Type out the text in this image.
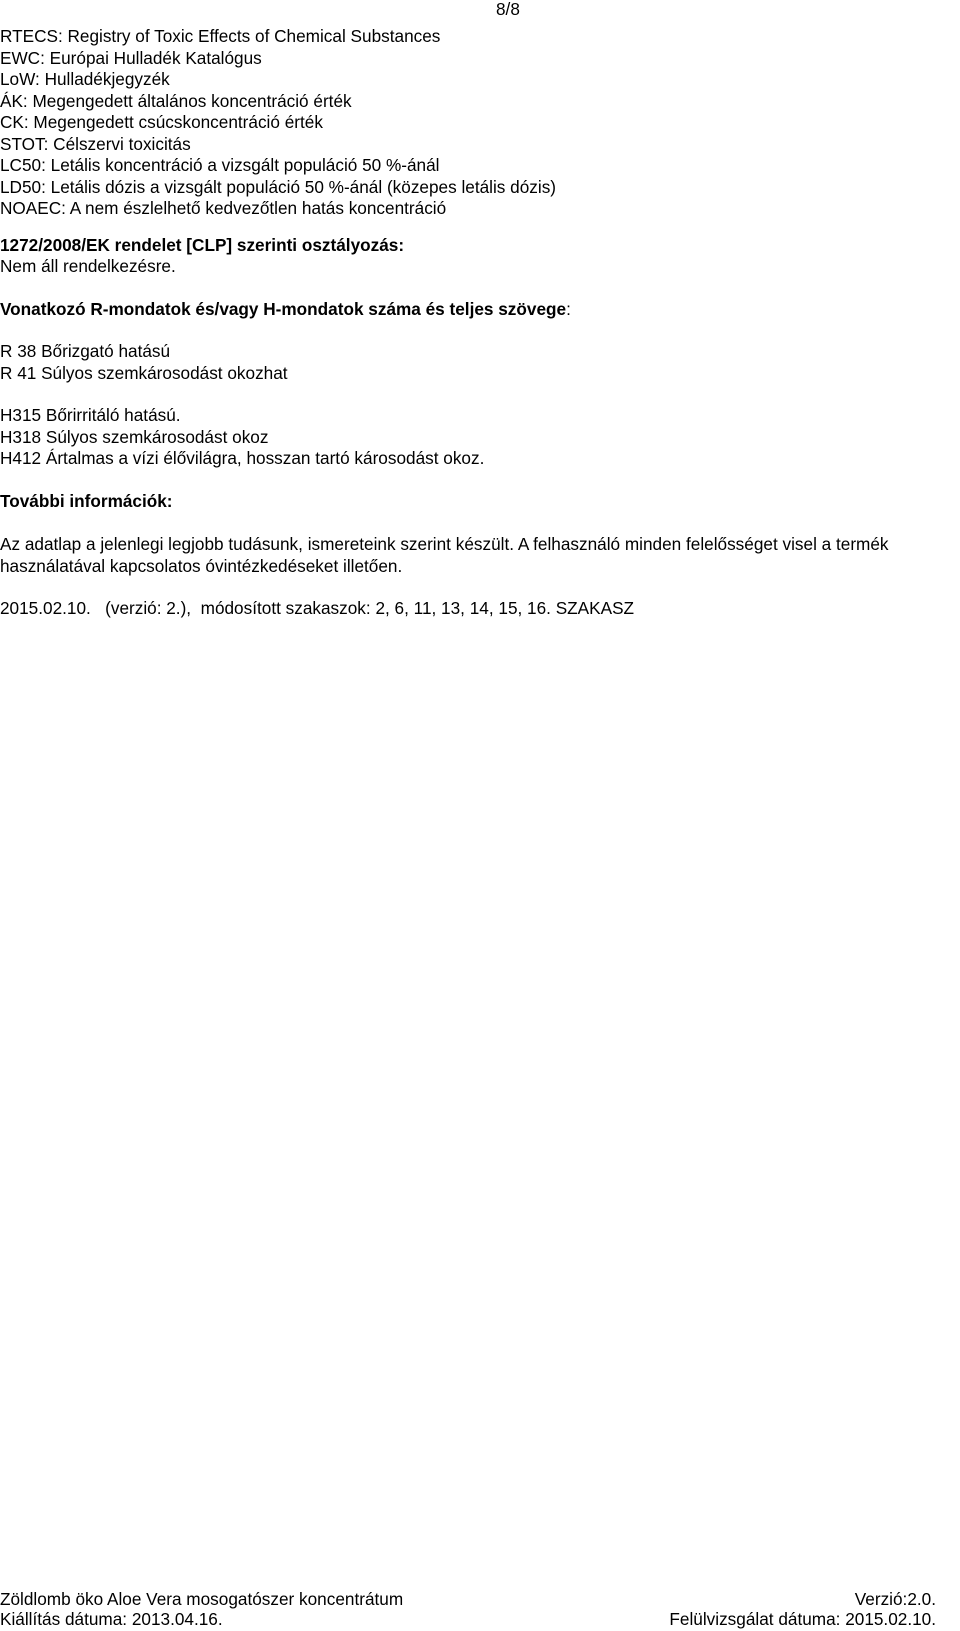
8/8
RTECS: Registry of Toxic Effects of Chemical Substances
EWC: Európai Hulladék Katalógus
LoW: Hulladékjegyzék
ÁK: Megengedett általános koncentráció érték
CK: Megengedett csúcskoncentráció érték
STOT: Célszervi toxicitás
LC50: Letális koncentráció a vizsgált populáció 50 %-ánál
LD50: Letális dózis a vizsgált populáció 50 %-ánál (közepes letális dózis)
NOAEC: A nem észlelhető kedvezőtlen hatás koncentráció
1272/2008/EK rendelet [CLP] szerinti osztályozás:
Nem áll rendelkezésre.
Vonatkozó R-mondatok és/vagy H-mondatok száma és teljes szövege:
R 38 Bőrizgató hatású
R 41 Súlyos szemkárosodást okozhat
H315 Bőrirritáló hatású.
H318 Súlyos szemkárosodást okoz
H412 Ártalmas a vízi élővilágra, hosszan tartó károsodást okoz.
További információk:
Az adatlap a jelenlegi legjobb tudásunk, ismereteink szerint készült. A felhasználó minden felelősséget visel a termék használatával kapcsolatos óvintézkedéseket illetően.
2015.02.10.   (verzió: 2.),  módosított szakaszok: 2, 6, 11, 13, 14, 15, 16. SZAKASZ
Zöldlomb öko Aloe Vera mosogatószer koncentrátum	Verzió:2.0.
Kiállítás dátuma: 2013.04.16.	Felülvizsgálat dátuma: 2015.02.10.
